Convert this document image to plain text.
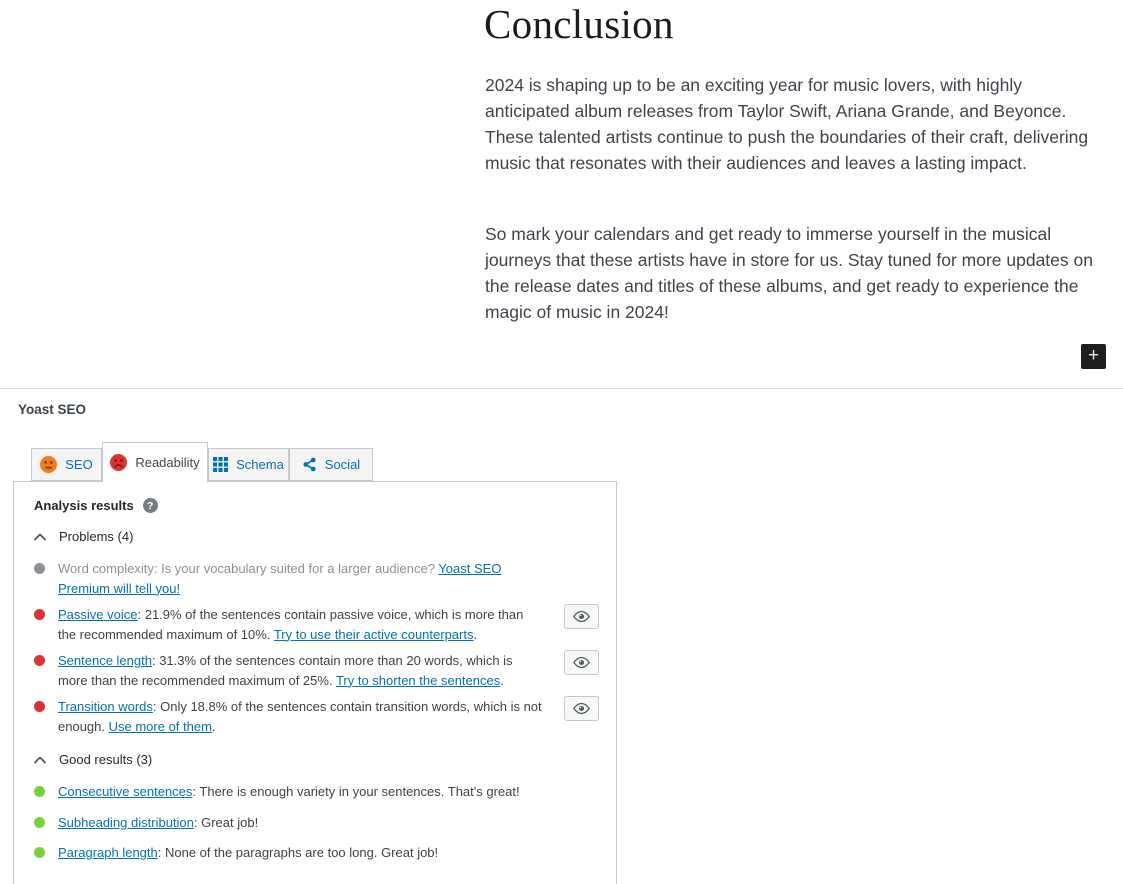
Conclusion

2024 is shaping up to be an exciting year for music lovers, with highly anticipated album releases from Taylor Swift, Ariana Grande, and Beyonce. These talented artists continue to push the boundaries of their craft, delivering music that resonates with their audiences and leaves a lasting impact.

So mark your calendars and get ready to immerse yourself in the musical journeys that these artists have in store for us. Stay tuned for more updates on the release dates and titles of these albums, and get ready to experience the magic of music in 2024!

+
Yoast SEO
SEO	Readability	Schema	Social
Analysis results	?
Problems (4)
Word complexity: Is your vocabulary suited for a larger audience? Yoast SEO Premium will tell you!
Passive voice: 21.9% of the sentences contain passive voice, which is more than the recommended maximum of 10%. Try to use their active counterparts.
Sentence length: 31.3% of the sentences contain more than 20 words, which is more than the recommended maximum of 25%. Try to shorten the sentences.
Transition words: Only 18.8% of the sentences contain transition words, which is not enough. Use more of them.
Good results (3)
Consecutive sentences: There is enough variety in your sentences. That's great!
Subheading distribution: Great job!
Paragraph length: None of the paragraphs are too long. Great job!
